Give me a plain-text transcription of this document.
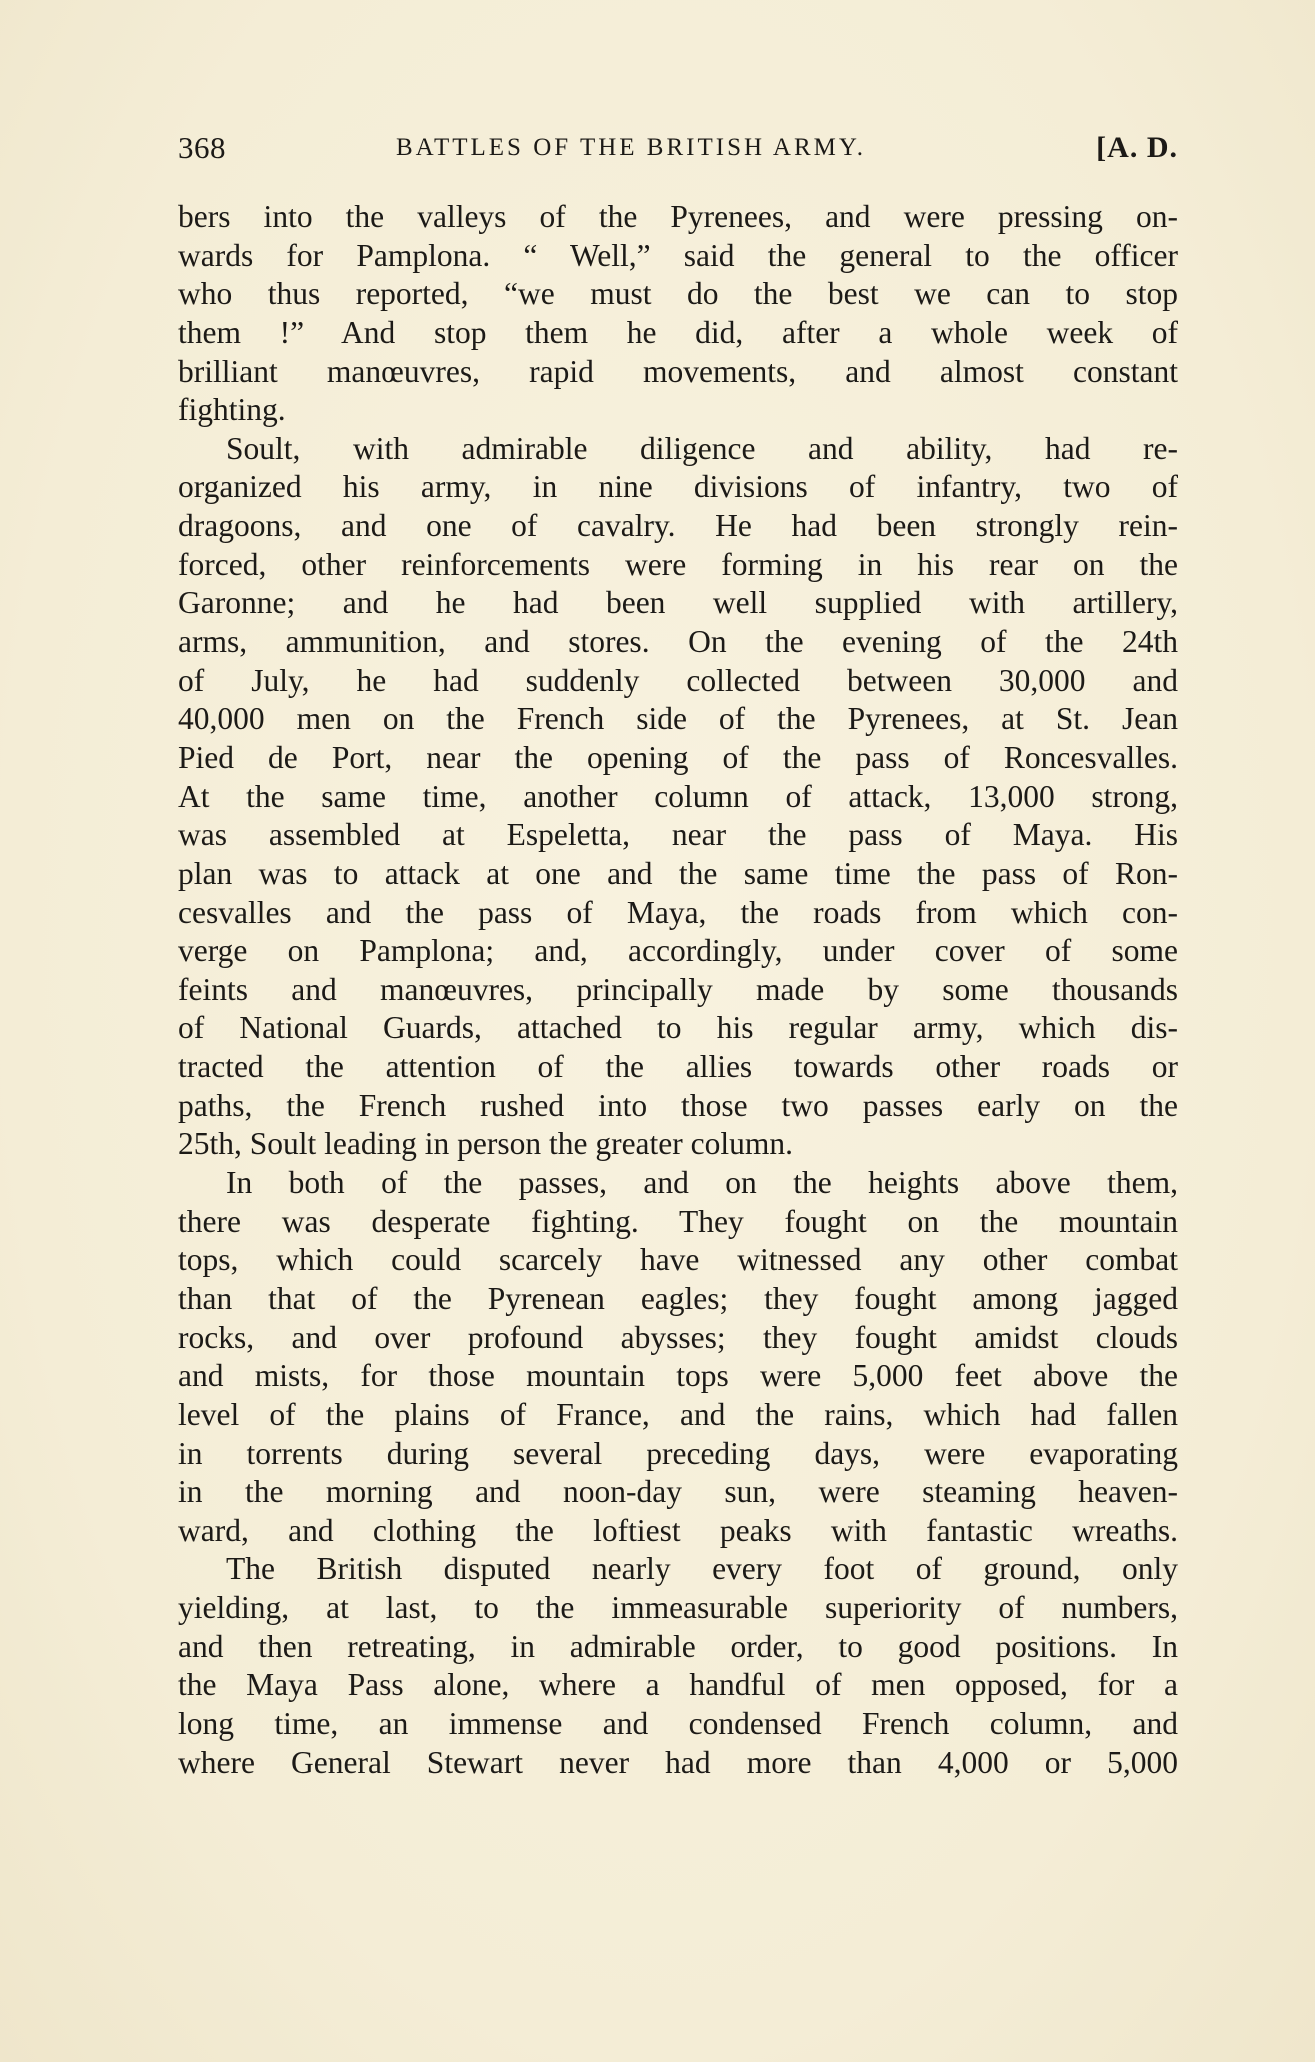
368	BATTLES OF THE BRITISH ARMY.	[A. D.
bers into the valleys of the Pyrenees, and were pressing on-
wards for Pamplona. “ Well,” said the general to the officer
who thus reported, “we must do the best we can to stop
them !” And stop them he did, after a whole week of
brilliant manœuvres, rapid movements, and almost constant
fighting.
Soult, with admirable diligence and ability, had re-
organized his army, in nine divisions of infantry, two of
dragoons, and one of cavalry. He had been strongly rein-
forced, other reinforcements were forming in his rear on the
Garonne; and he had been well supplied with artillery,
arms, ammunition, and stores. On the evening of the 24th
of July, he had suddenly collected between 30,000 and
40,000 men on the French side of the Pyrenees, at St. Jean
Pied de Port, near the opening of the pass of Roncesvalles.
At the same time, another column of attack, 13,000 strong,
was assembled at Espeletta, near the pass of Maya. His
plan was to attack at one and the same time the pass of Ron-
cesvalles and the pass of Maya, the roads from which con-
verge on Pamplona; and, accordingly, under cover of some
feints and manœuvres, principally made by some thousands
of National Guards, attached to his regular army, which dis-
tracted the attention of the allies towards other roads or
paths, the French rushed into those two passes early on the
25th, Soult leading in person the greater column.
In both of the passes, and on the heights above them,
there was desperate fighting. They fought on the mountain
tops, which could scarcely have witnessed any other combat
than that of the Pyrenean eagles; they fought among jagged
rocks, and over profound abysses; they fought amidst clouds
and mists, for those mountain tops were 5,000 feet above the
level of the plains of France, and the rains, which had fallen
in torrents during several preceding days, were evaporating
in the morning and noon-day sun, were steaming heaven-
ward, and clothing the loftiest peaks with fantastic wreaths.
The British disputed nearly every foot of ground, only
yielding, at last, to the immeasurable superiority of numbers,
and then retreating, in admirable order, to good positions. In
the Maya Pass alone, where a handful of men opposed, for a
long time, an immense and condensed French column, and
where General Stewart never had more than 4,000 or 5,000
